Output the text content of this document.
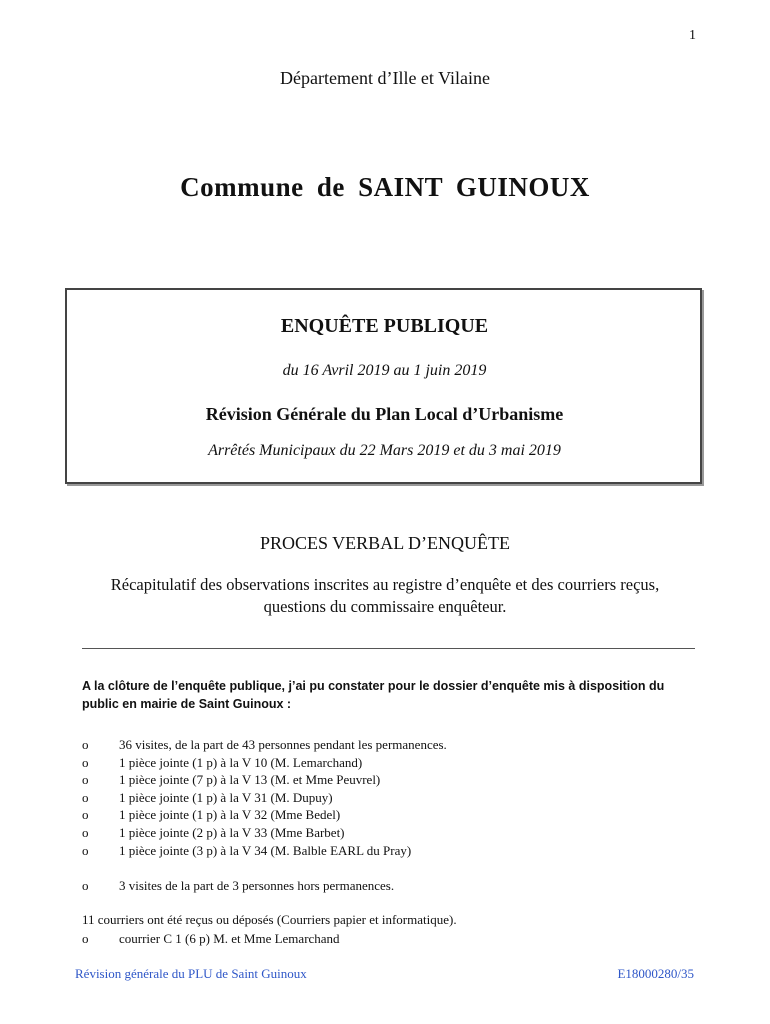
1
Département d’Ille et Vilaine
Commune de SAINT GUINOUX
ENQUÊTE PUBLIQUE
du 16 Avril 2019 au 1 juin 2019
Révision Générale du Plan Local d’Urbanisme
Arrêtés Municipaux du 22 Mars 2019 et du 3 mai 2019
PROCES VERBAL D’ENQUÊTE
Récapitulatif des observations inscrites au registre d’enquête et des courriers reçus,
questions du commissaire enquêteur.
A la clôture de l’enquête publique, j’ai pu constater pour le dossier d’enquête mis à disposition du
public en mairie de Saint Guinoux :
o 36 visites, de la part de 43 personnes pendant les permanences.
o 1 pièce jointe (1 p) à la V 10 (M. Lemarchand)
o 1 pièce jointe (7 p) à la V 13 (M. et Mme Peuvrel)
o 1 pièce jointe (1 p) à la V 31 (M. Dupuy)
o 1 pièce jointe (1 p) à la V 32 (Mme Bedel)
o 1 pièce jointe (2 p) à la V 33 (Mme Barbet)
o 1 pièce jointe (3 p) à la V 34 (M. Balble EARL du Pray)
o 3 visites de la part de 3 personnes hors permanences.
11 courriers ont été reçus ou déposés (Courriers papier et informatique).
o courrier C 1 (6 p) M. et Mme Lemarchand
Révision générale du PLU de Saint Guinoux	E18000280/35
